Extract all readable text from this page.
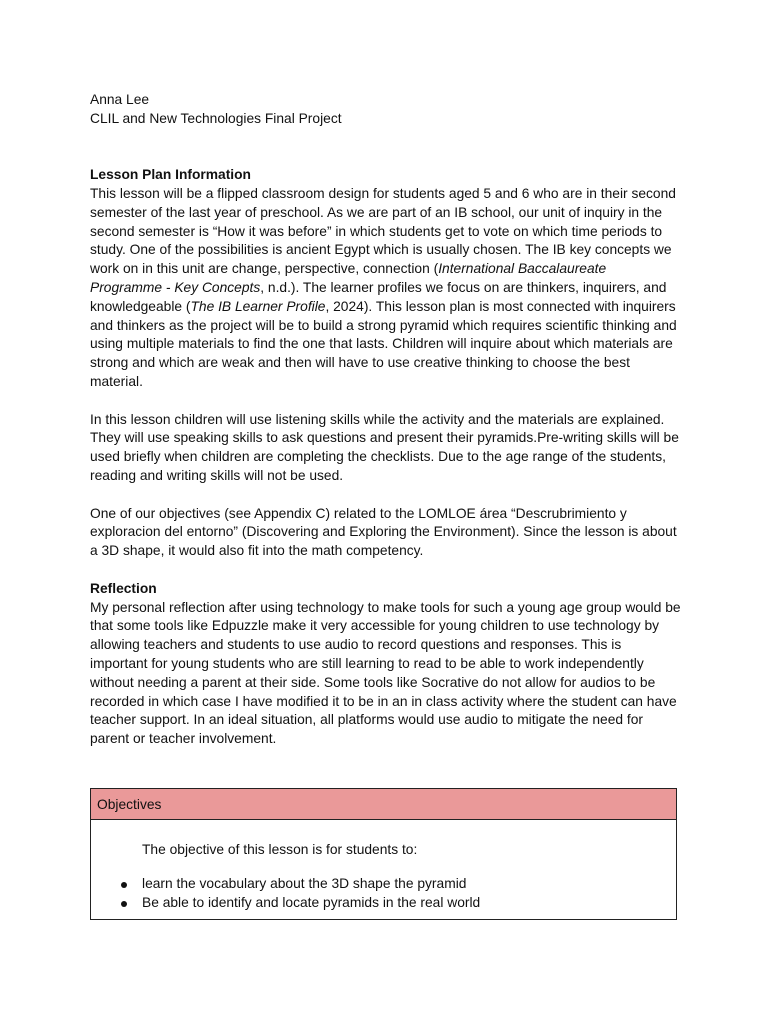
Anna Lee

CLIL and New Technologies Final Project

Lesson Plan Information

This lesson will be a flipped classroom design for students aged 5 and 6 who are in their second semester of the last year of preschool. As we are part of an IB school, our unit of inquiry in the second semester is “How it was before” in which students get to vote on which time periods to study. One of the possibilities is ancient Egypt which is usually chosen. The IB key concepts we work on in this unit are change, perspective, connection (International Baccalaureate Programme - Key Concepts, n.d.). The learner profiles we focus on are thinkers, inquirers, and knowledgeable (The IB Learner Profile, 2024). This lesson plan is most connected with inquirers and thinkers as the project will be to build a strong pyramid which requires scientific thinking and using multiple materials to find the one that lasts. Children will inquire about which materials are strong and which are weak and then will have to use creative thinking to choose the best material.

In this lesson children will use listening skills while the activity and the materials are explained. They will use speaking skills to ask questions and present their pyramids.Pre-writing skills will be used briefly when children are completing the checklists. Due to the age range of the students, reading and writing skills will not be used.

One of our objectives (see Appendix C) related to the LOMLOE área “Descrubrimiento y exploracion del entorno” (Discovering and Exploring the Environment). Since the lesson is about a 3D shape, it would also fit into the math competency.

Reflection

My personal reflection after using technology to make tools for such a young age group would be that some tools like Edpuzzle make it very accessible for young children to use technology by allowing teachers and students to use audio to record questions and responses. This is important for young students who are still learning to read to be able to work independently without needing a parent at their side. Some tools like Socrative do not allow for audios to be recorded in which case I have modified it to be in an in class activity where the student can have teacher support. In an ideal situation, all platforms would use audio to mitigate the need for parent or teacher involvement.

Objectives

The objective of this lesson is for students to:

learn the vocabulary about the 3D shape the pyramid
Be able to identify and locate pyramids in the real world
